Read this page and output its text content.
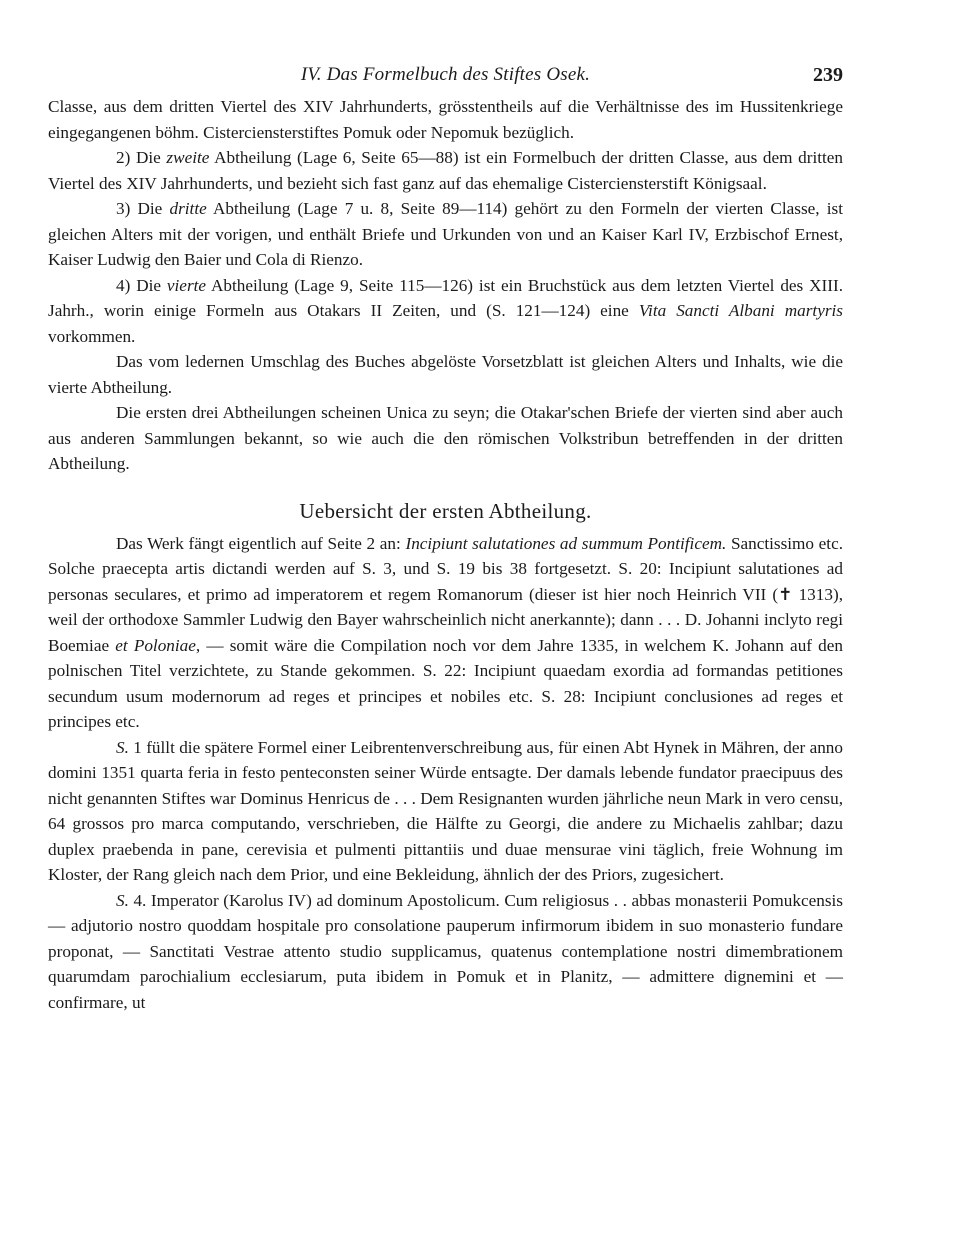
IV. Das Formelbuch des Stiftes Osek.	239

Classe, aus dem dritten Viertel des XIV Jahrhunderts, grösstentheils auf die Verhältnisse des im Hussitenkriege eingegangenen böhm. Cisterciensterstiftes Pomuk oder Nepomuk bezüglich.

2) Die zweite Abtheilung (Lage 6, Seite 65—88) ist ein Formelbuch der dritten Classe, aus dem dritten Viertel des XIV Jahrhunderts, und bezieht sich fast ganz auf das ehemalige Cisterciensterstift Königsaal.

3) Die dritte Abtheilung (Lage 7 u. 8, Seite 89—114) gehört zu den Formeln der vierten Classe, ist gleichen Alters mit der vorigen, und enthält Briefe und Urkunden von und an Kaiser Karl IV, Erzbischof Ernest, Kaiser Ludwig den Baier und Cola di Rienzo.

4) Die vierte Abtheilung (Lage 9, Seite 115—126) ist ein Bruchstück aus dem letzten Viertel des XIII. Jahrh., worin einige Formeln aus Otakars II Zeiten, und (S. 121—124) eine Vita Sancti Albani martyris vorkommen.

Das vom ledernen Umschlag des Buches abgelöste Vorsetzblatt ist gleichen Alters und Inhalts, wie die vierte Abtheilung.

Die ersten drei Abtheilungen scheinen Unica zu seyn; die Otakar'schen Briefe der vierten sind aber auch aus anderen Sammlungen bekannt, so wie auch die den römischen Volkstribun betreffenden in der dritten Abtheilung.

Uebersicht der ersten Abtheilung.

Das Werk fängt eigentlich auf Seite 2 an: Incipiunt salutationes ad summum Pontificem. Sanctissimo etc. Solche praecepta artis dictandi werden auf S. 3, und S. 19 bis 38 fortgesetzt. S. 20: Incipiunt salutationes ad personas seculares, et primo ad imperatorem et regem Romanorum (dieser ist hier noch Heinrich VII (✝ 1313), weil der orthodoxe Sammler Ludwig den Bayer wahrscheinlich nicht anerkannte); dann . . . D. Johanni inclyto regi Boemiae et Poloniae, — somit wäre die Compilation noch vor dem Jahre 1335, in welchem K. Johann auf den polnischen Titel verzichtete, zu Stande gekommen. S. 22: Incipiunt quaedam exordia ad formandas petitiones secundum usum modernorum ad reges et principes et nobiles etc. S. 28: Incipiunt conclusiones ad reges et principes etc.

S. 1 füllt die spätere Formel einer Leibrentenverschreibung aus, für einen Abt Hynek in Mähren, der anno domini 1351 quarta feria in festo penteconsten seiner Würde entsagte. Der damals lebende fundator praecipuus des nicht genannten Stiftes war Dominus Henricus de . . . Dem Resignanten wurden jährliche neun Mark in vero censu, 64 grossos pro marca computando, verschrieben, die Hälfte zu Georgi, die andere zu Michaelis zahlbar; dazu duplex praebenda in pane, cerevisia et pulmenti pittantiis und duae mensurae vini täglich, freie Wohnung im Kloster, der Rang gleich nach dem Prior, und eine Bekleidung, ähnlich der des Priors, zugesichert.

S. 4. Imperator (Karolus IV) ad dominum Apostolicum. Cum religiosus . . abbas monasterii Pomukcensis — adjutorio nostro quoddam hospitale pro consolatione pauperum infirmorum ibidem in suo monasterio fundare proponat, — Sanctitati Vestrae attento studio supplicamus, quatenus contemplatione nostri dimembrationem quarumdam parochialium ecclesiarum, puta ibidem in Pomuk et in Planitz, — admittere dignemini et — confirmare, ut
